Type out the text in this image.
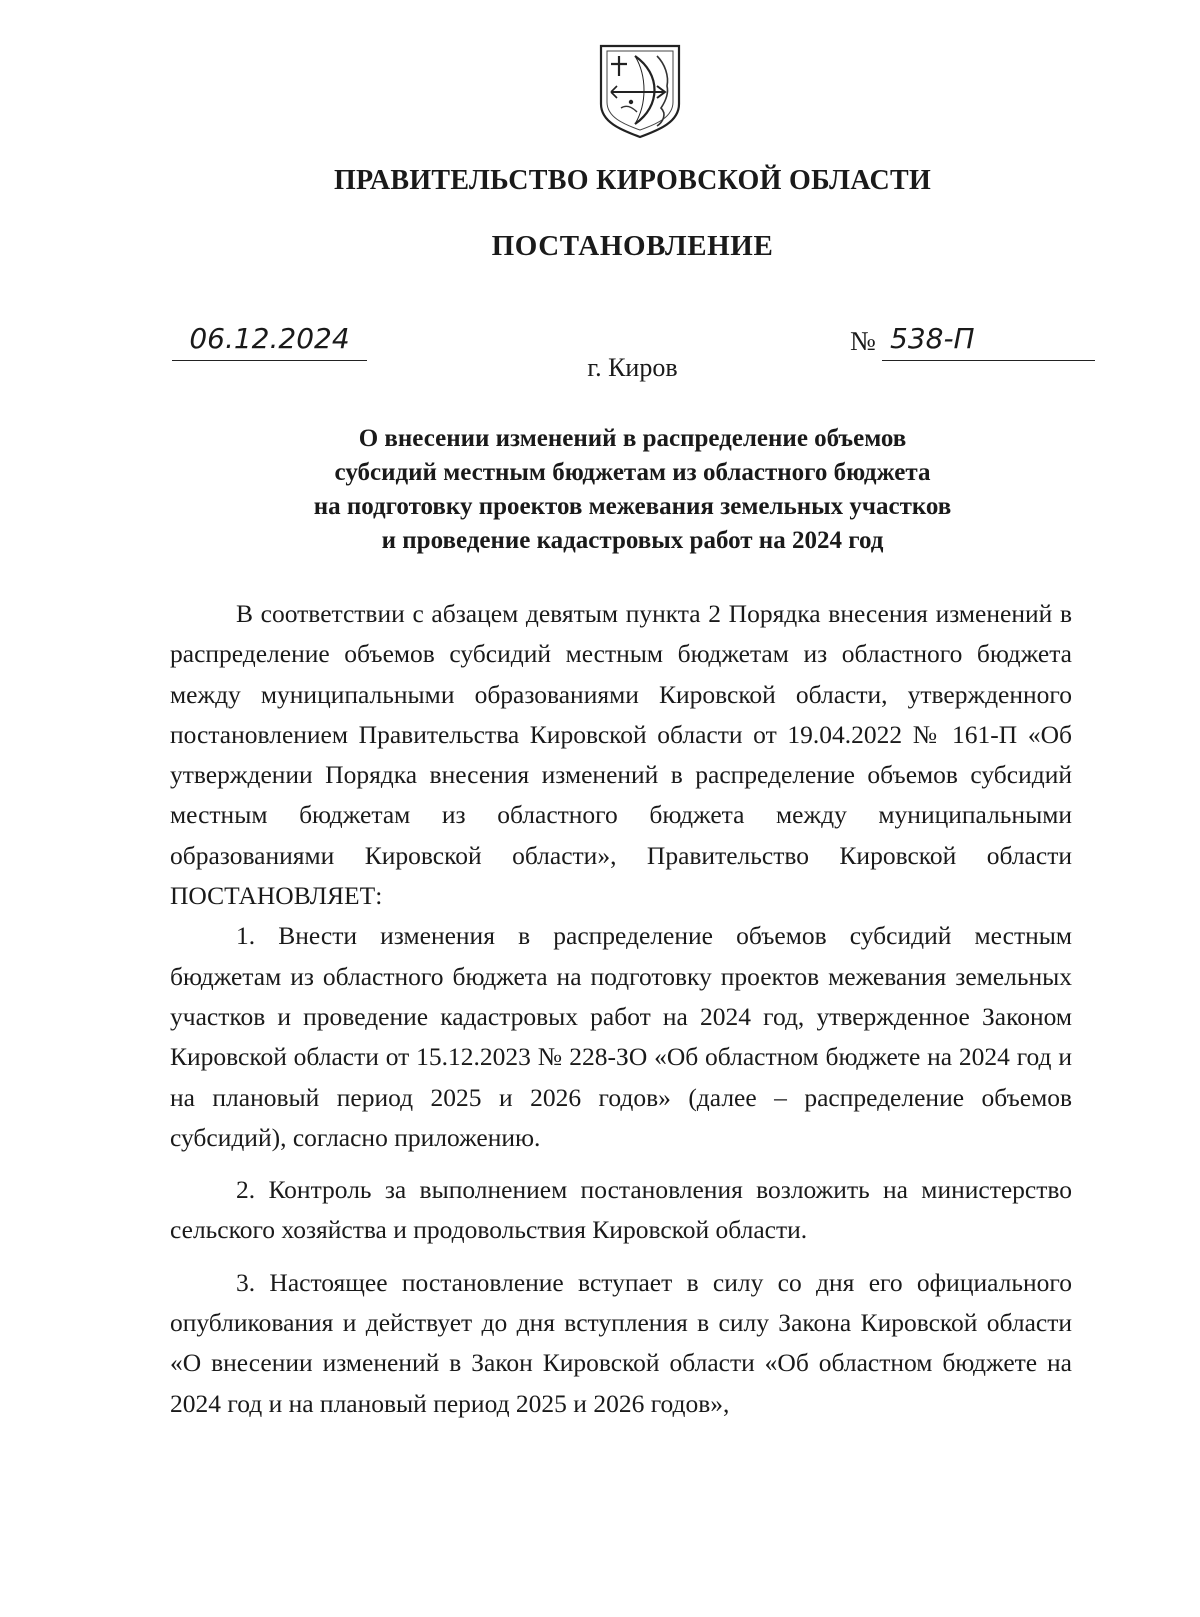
ПРАВИТЕЛЬСТВО КИРОВСКОЙ ОБЛАСТИ
ПОСТАНОВЛЕНИЕ
06.12.2024	№ 538-П
г. Киров
О внесении изменений в распределение объемов
субсидий местным бюджетам из областного бюджета
на подготовку проектов межевания земельных участков
и проведение кадастровых работ на 2024 год

В соответствии с абзацем девятым пункта 2 Порядка внесения изменений в распределение объемов субсидий местным бюджетам из областного бюджета между муниципальными образованиями Кировской области, утвержденного постановлением Правительства Кировской области от 19.04.2022 № 161-П «Об утверждении Порядка внесения изменений в распределение объемов субсидий местным бюджетам из областного бюджета между муниципальными образованиями Кировской области», Правительство Кировской области ПОСТАНОВЛЯЕТ:

1. Внести изменения в распределение объемов субсидий местным бюджетам из областного бюджета на подготовку проектов межевания земельных участков и проведение кадастровых работ на 2024 год, утвержденное Законом Кировской области от 15.12.2023 № 228-ЗО «Об областном бюджете на 2024 год и на плановый период 2025 и 2026 годов» (далее – распределение объемов субсидий), согласно приложению.

2. Контроль за выполнением постановления возложить на министерство сельского хозяйства и продовольствия Кировской области.

3. Настоящее постановление вступает в силу со дня его официального опубликования и действует до дня вступления в силу Закона Кировской области «О внесении изменений в Закон Кировской области «Об областном бюджете на 2024 год и на плановый период 2025 и 2026 годов»,
